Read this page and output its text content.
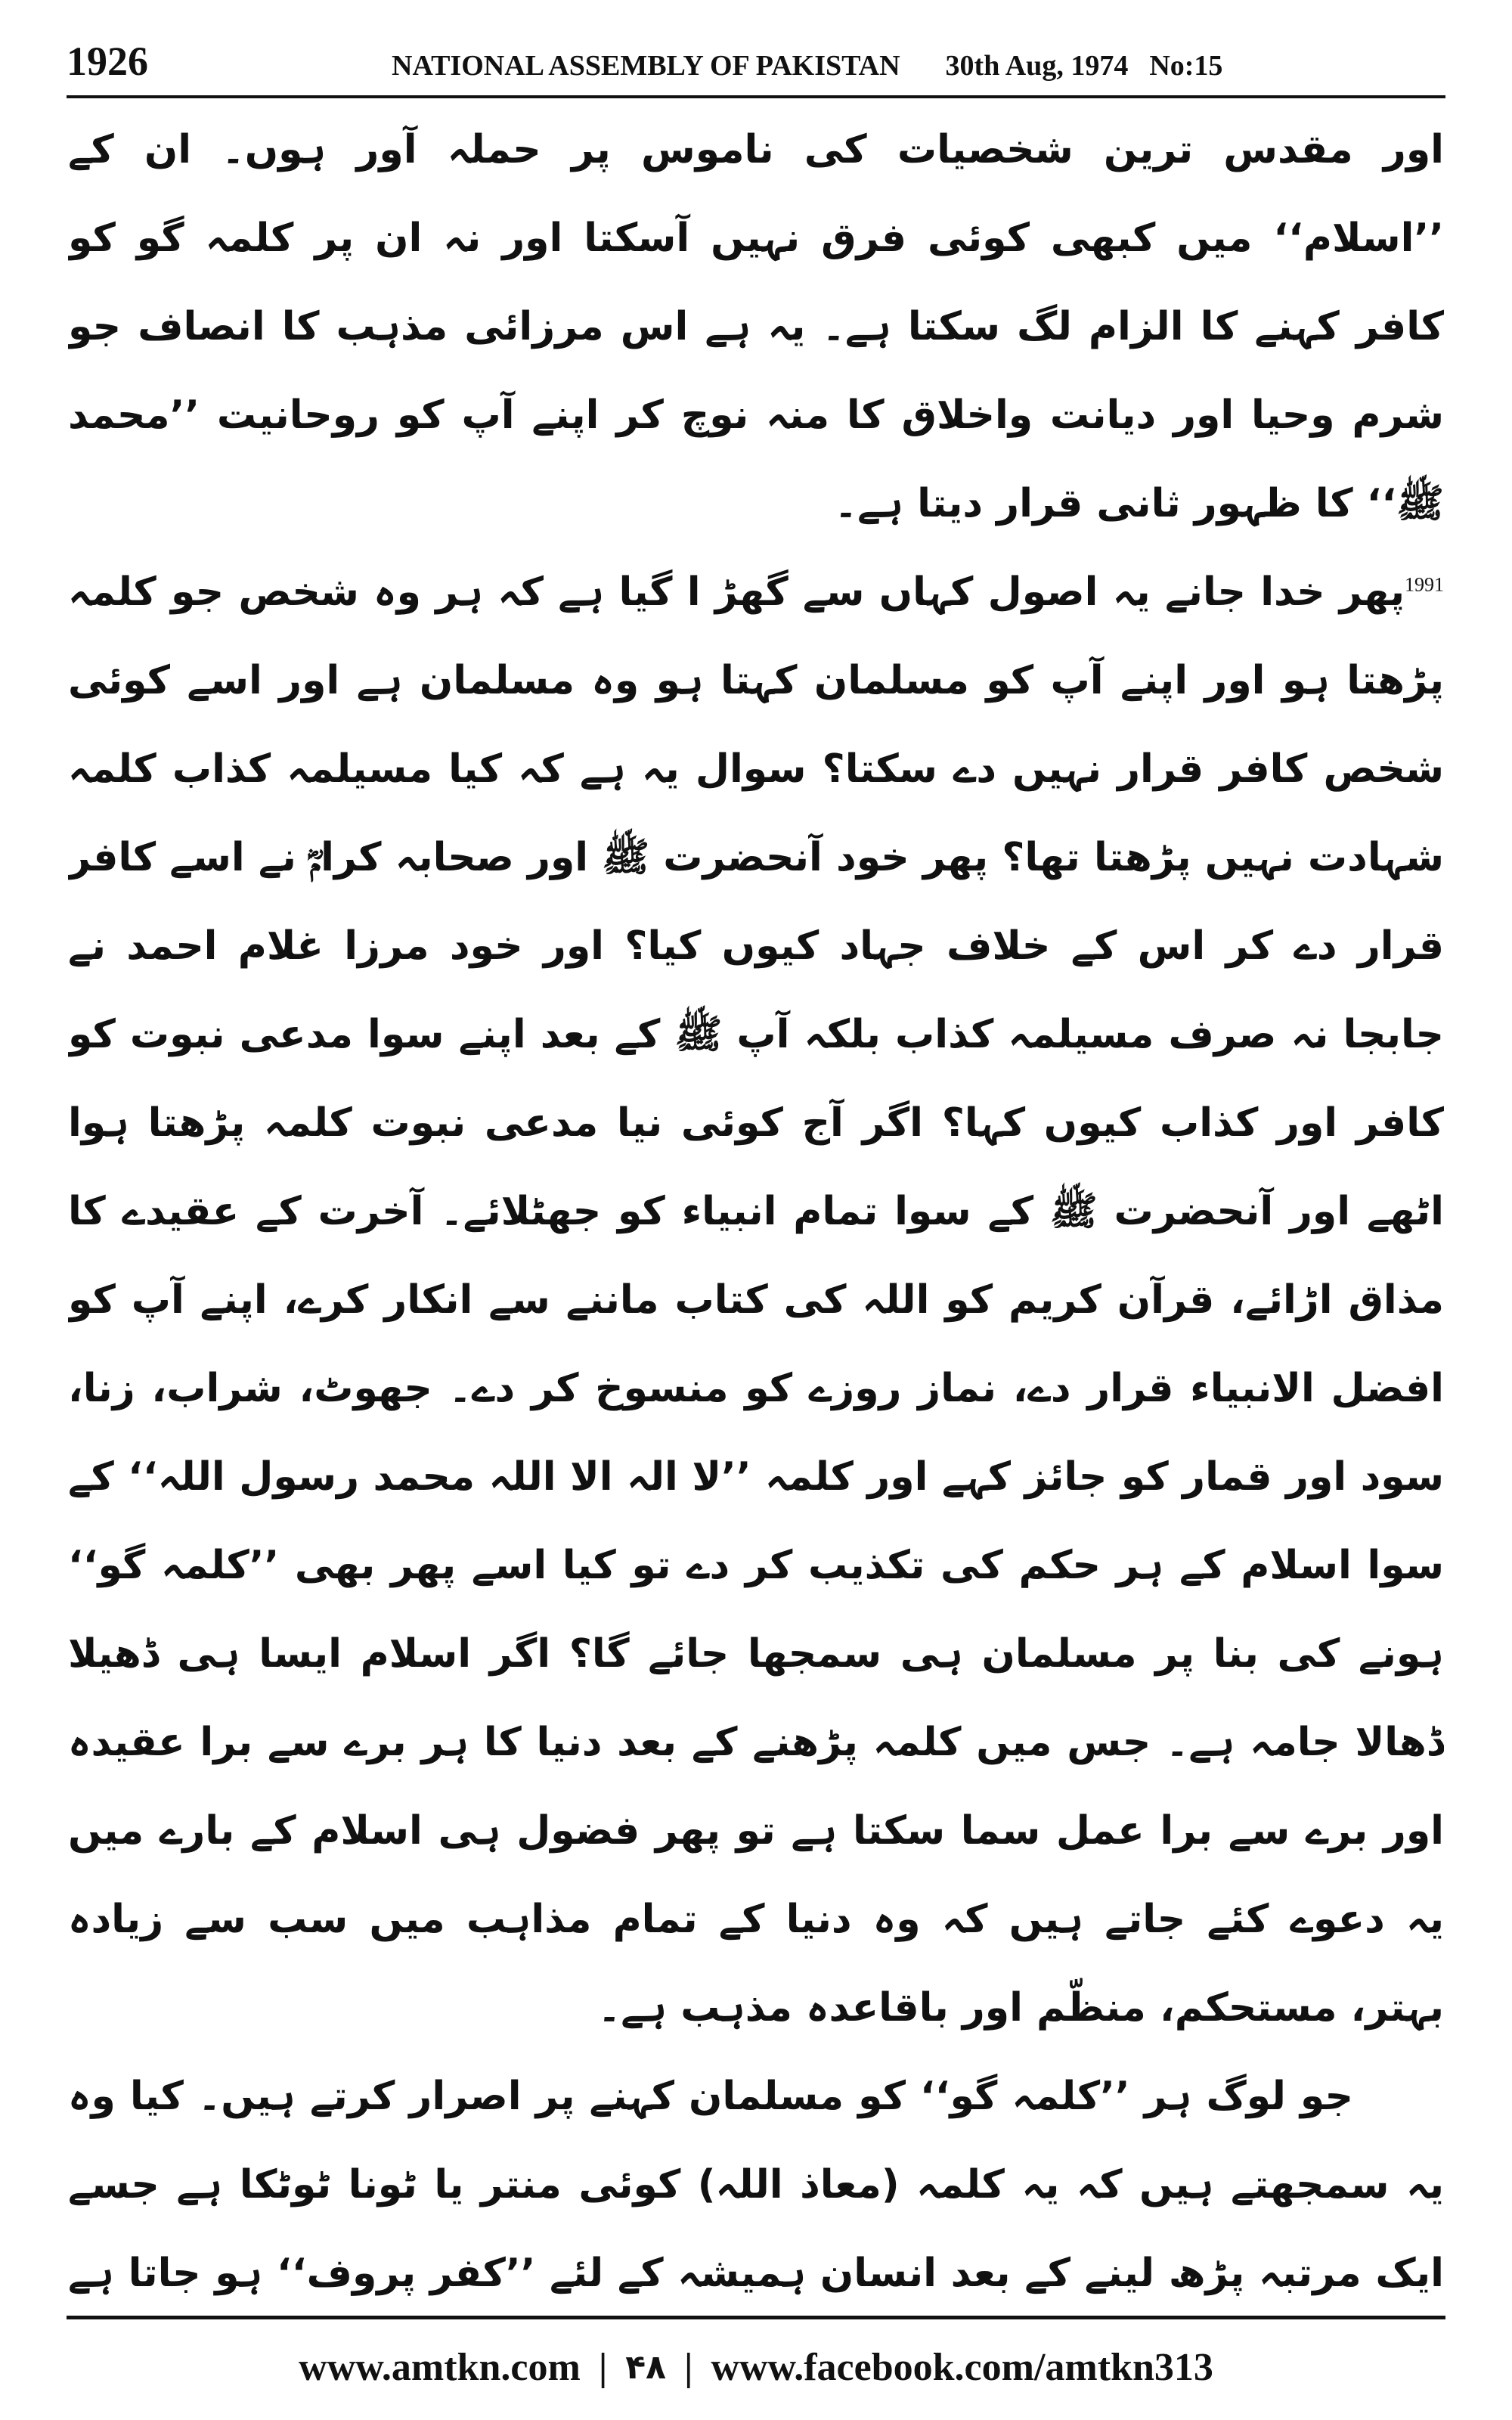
1926	NATIONAL ASSEMBLY OF PAKISTAN 30th Aug, 1974 No:15

اور مقدس ترین شخصیات کی ناموس پر حملہ آور ہوں۔ ان کے ’’اسلام‘‘ میں کبھی کوئی فرق نہیں آسکتا اور نہ ان پر کلمہ گو کو کافر کہنے کا الزام لگ سکتا ہے۔ یہ ہے اس مرزائی مذہب کا انصاف جو شرم وحیا اور دیانت واخلاق کا منہ نوچ کر اپنے آپ کو روحانیت ’’محمد ﷺ‘‘ کا ظہور ثانی قرار دیتا ہے۔

$^{1991}$پھر خدا جانے یہ اصول کہاں سے گھڑ ا گیا ہے کہ ہر وہ شخص جو کلمہ پڑھتا ہو اور اپنے آپ کو مسلمان کہتا ہو وہ مسلمان ہے اور اسے کوئی شخص کافر قرار نہیں دے سکتا؟ سوال یہ ہے کہ کیا مسیلمہ کذاب کلمہ شہادت نہیں پڑھتا تھا؟ پھر خود آنحضرت ﷺ اور صحابہ کرامؓ نے اسے کافر قرار دے کر اس کے خلاف جہاد کیوں کیا؟ اور خود مرزا غلام احمد نے جابجا نہ صرف مسیلمہ کذاب بلکہ آپ ﷺ کے بعد اپنے سوا مدعی نبوت کو کافر اور کذاب کیوں کہا؟ اگر آج کوئی نیا مدعی نبوت کلمہ پڑھتا ہوا اٹھے اور آنحضرت ﷺ کے سوا تمام انبیاء کو جھٹلائے۔ آخرت کے عقیدے کا مذاق اڑائے، قرآن کریم کو اللہ کی کتاب ماننے سے انکار کرے، اپنے آپ کو افضل الانبیاء قرار دے، نماز روزے کو منسوخ کر دے۔ جھوٹ، شراب، زنا، سود اور قمار کو جائز کہے اور کلمہ ’’لا الہ الا اللہ محمد رسول اللہ‘‘ کے سوا اسلام کے ہر حکم کی تکذیب کر دے تو کیا اسے پھر بھی ’’کلمہ گو‘‘ ہونے کی بنا پر مسلمان ہی سمجھا جائے گا؟ اگر اسلام ایسا ہی ڈھیلا ڈھالا جامہ ہے۔ جس میں کلمہ پڑھنے کے بعد دنیا کا ہر برے سے برا عقیدہ اور برے سے برا عمل سما سکتا ہے تو پھر فضول ہی اسلام کے بارے میں یہ دعوے کئے جاتے ہیں کہ وہ دنیا کے تمام مذاہب میں سب سے زیادہ بہتر، مستحکم، منظّم اور باقاعدہ مذہب ہے۔

جو لوگ ہر ’’کلمہ گو‘‘ کو مسلمان کہنے پر اصرار کرتے ہیں۔ کیا وہ یہ سمجھتے ہیں کہ یہ کلمہ (معاذ اللہ) کوئی منتر یا ٹونا ٹوٹکا ہے جسے ایک مرتبہ پڑھ لینے کے بعد انسان ہمیشہ کے لئے ’’کفر پروف‘‘ ہو جاتا ہے

www.amtkn.com | ۴۸ | www.facebook.com/amtkn313
